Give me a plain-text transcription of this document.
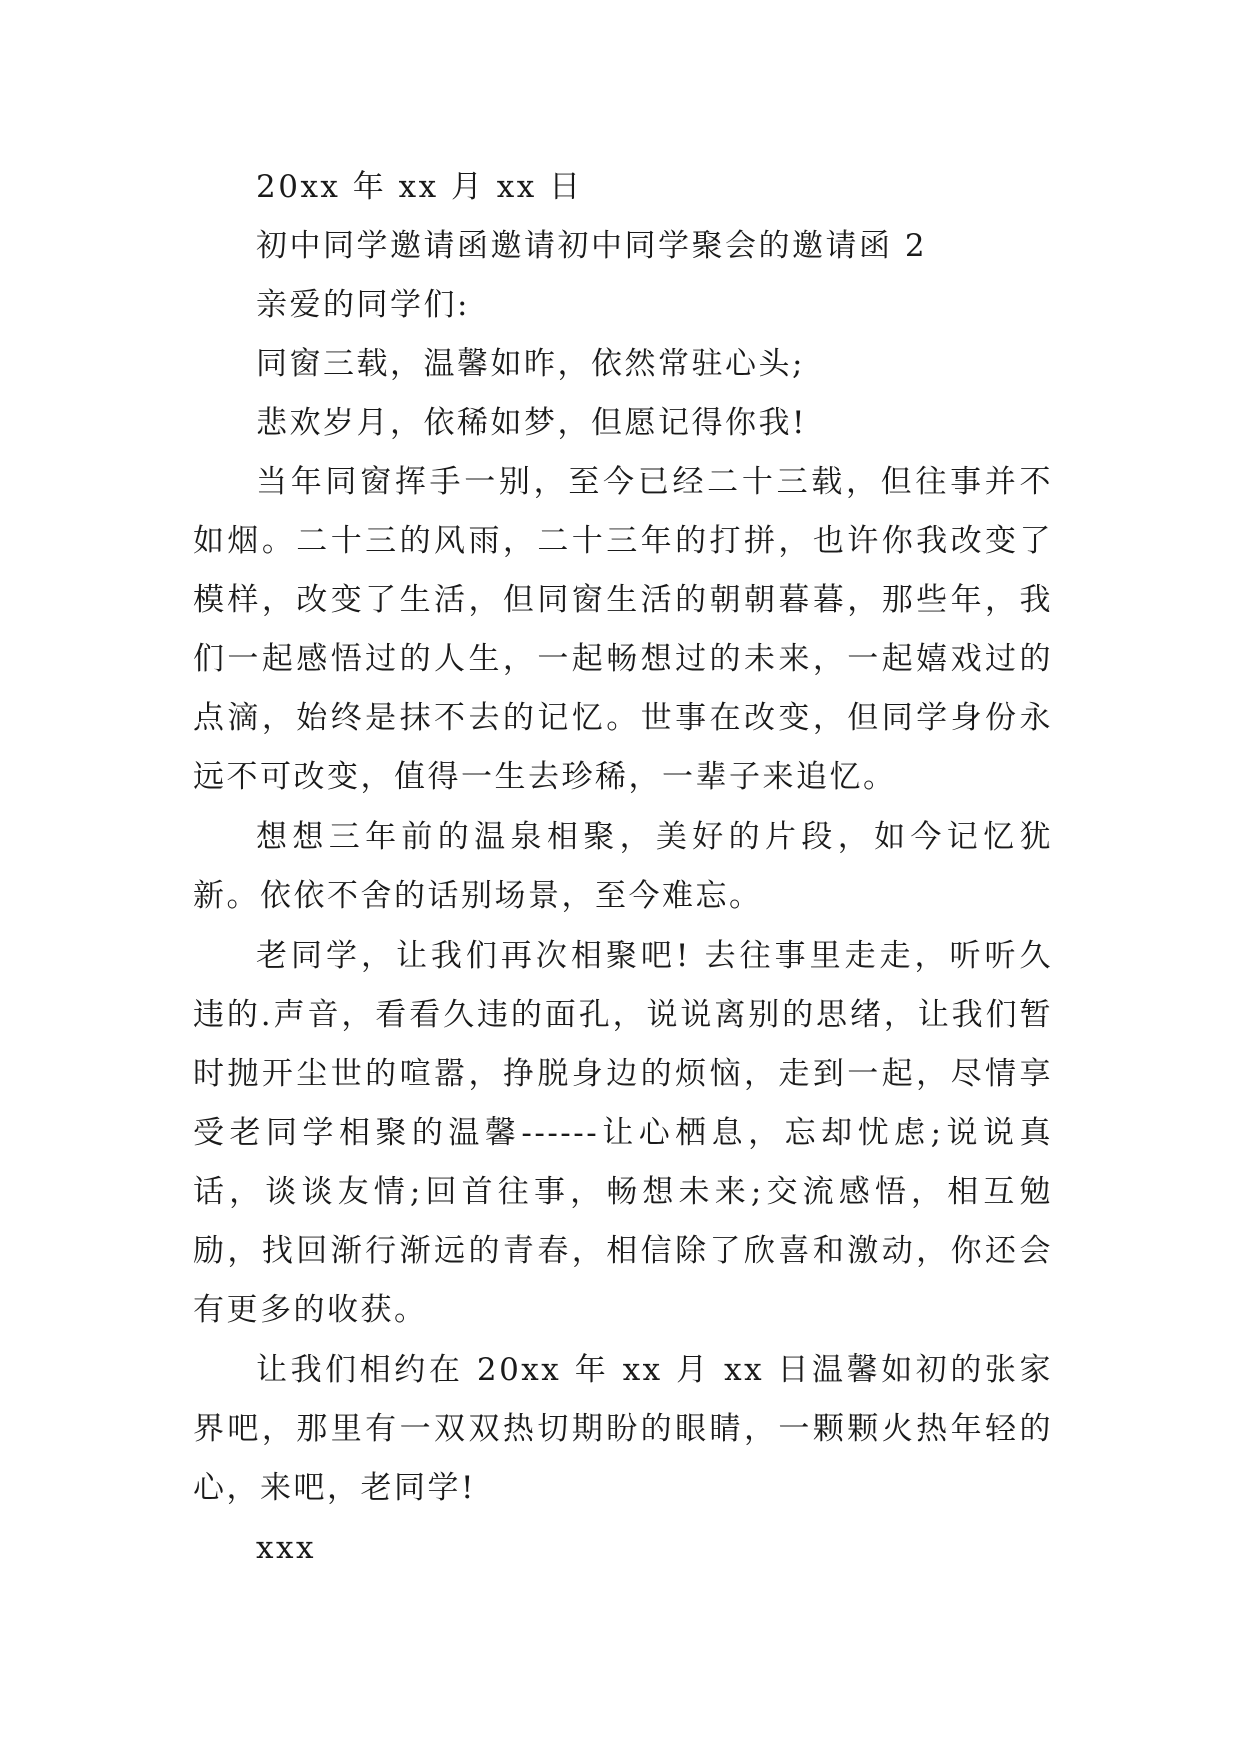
20xx 年 xx 月 xx 日

初中同学邀请函邀请初中同学聚会的邀请函 2

亲爱的同学们:

同窗三载，温馨如昨，依然常驻心头;

悲欢岁月，依稀如梦，但愿记得你我!

当年同窗挥手一别，至今已经二十三载，但往事并不如烟。二十三的风雨，二十三年的打拼，也许你我改变了模样，改变了生活，但同窗生活的朝朝暮暮，那些年，我们一起感悟过的人生，一起畅想过的未来，一起嬉戏过的点滴，始终是抹不去的记忆。世事在改变，但同学身份永远不可改变，值得一生去珍稀，一辈子来追忆。

想想三年前的温泉相聚，美好的片段，如今记忆犹新。依依不舍的话别场景，至今难忘。

老同学，让我们再次相聚吧! 去往事里走走，听听久违的.声音，看看久违的面孔，说说离别的思绪，让我们暂时抛开尘世的喧嚣，挣脱身边的烦恼，走到一起，尽情享受老同学相聚的温馨------让心栖息，忘却忧虑;说说真话，谈谈友情;回首往事，畅想未来;交流感悟，相互勉励，找回渐行渐远的青春，相信除了欣喜和激动，你还会有更多的收获。

让我们相约在 20xx 年 xx 月 xx 日温馨如初的张家界吧，那里有一双双热切期盼的眼睛，一颗颗火热年轻的心，来吧，老同学!

xxx
